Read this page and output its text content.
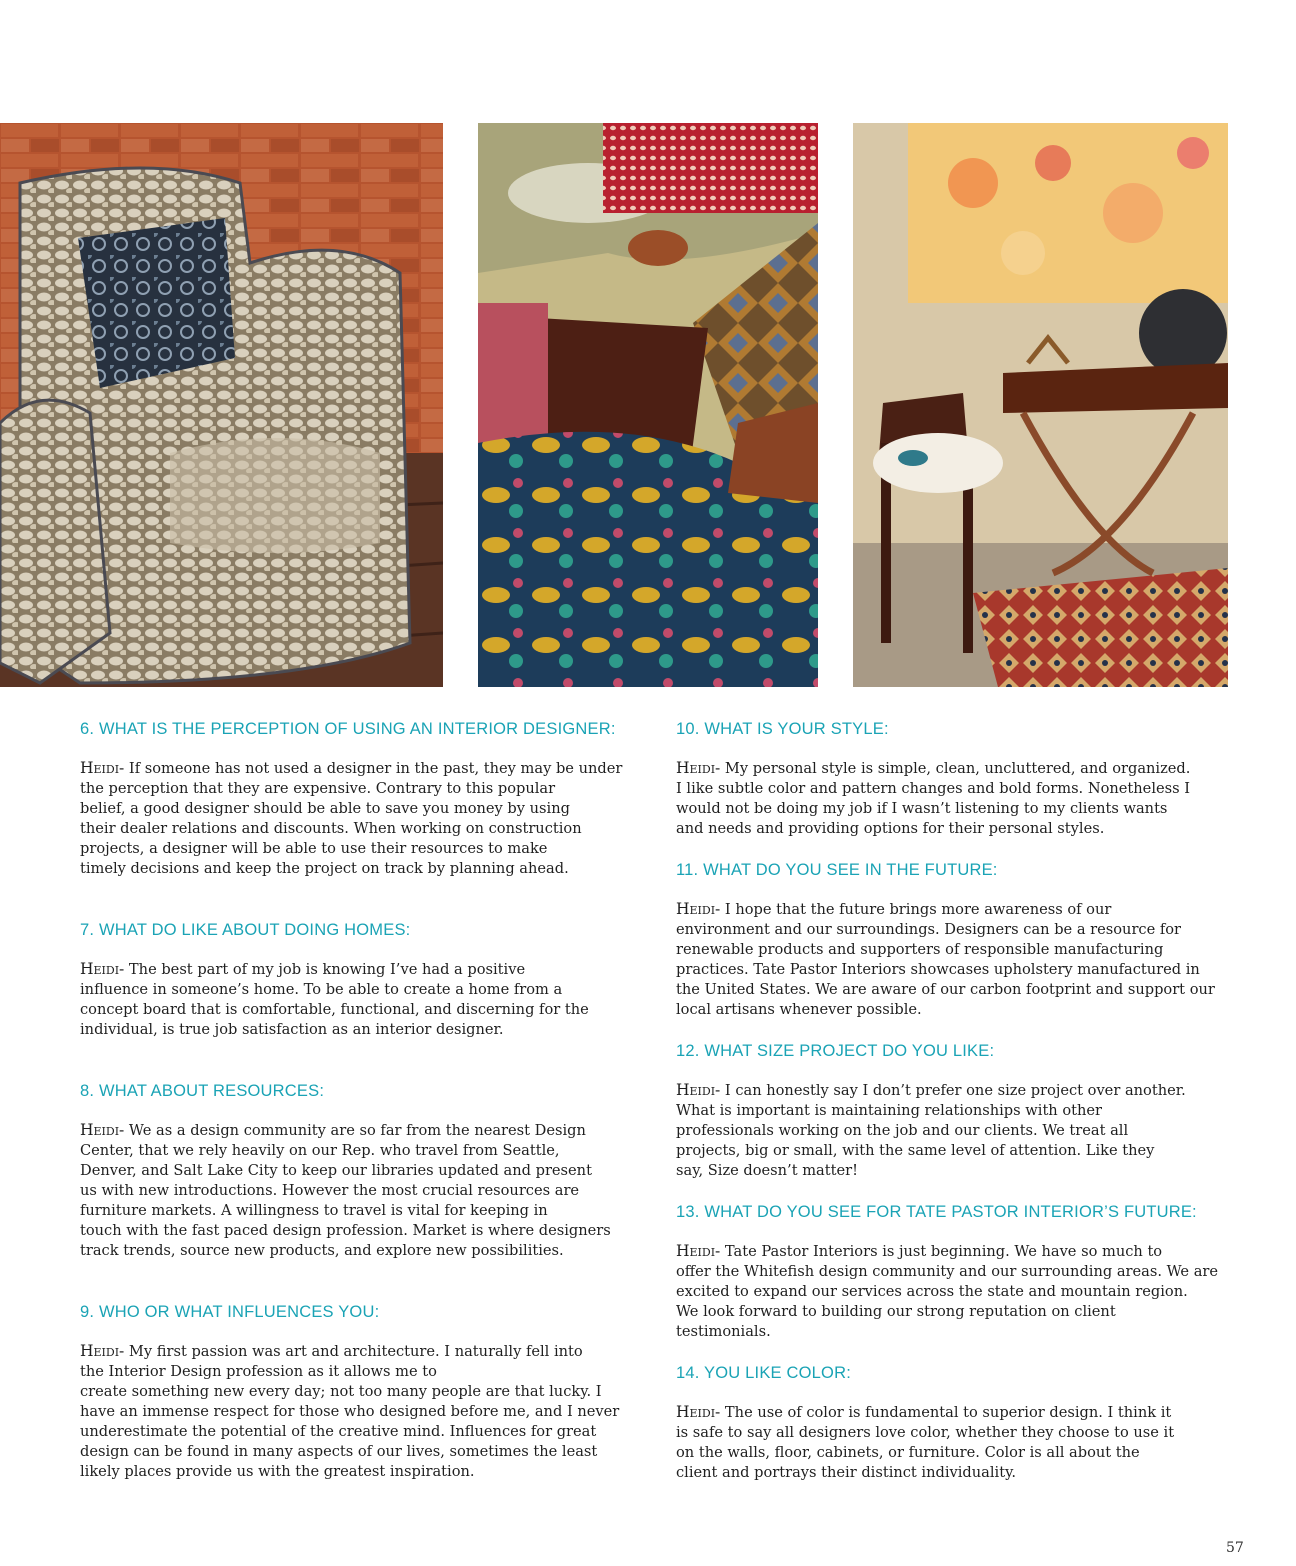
6. WHAT IS THE PERCEPTION OF USING AN INTERIOR DESIGNER:

Heidi- If someone has not used a designer in the past, they may be under
the perception that they are expensive. Contrary to this popular
belief, a good designer should be able to save you money by using
their dealer relations and discounts. When working on construction
projects, a designer will be able to use their resources to make
timely decisions and keep the project on track by planning ahead.

7. WHAT DO LIKE ABOUT DOING HOMES:

Heidi- The best part of my job is knowing I’ve had a positive
influence in someone’s home. To be able to create a home from a
concept board that is comfortable, functional, and discerning for the
individual, is true job satisfaction as an interior designer.

8. WHAT ABOUT RESOURCES:

Heidi- We as a design community are so far from the nearest Design
Center, that we rely heavily on our Rep. who travel from Seattle,
Denver, and Salt Lake City to keep our libraries updated and present
us with new introductions. However the most crucial resources are
furniture markets. A willingness to travel is vital for keeping in
touch with the fast paced design profession. Market is where designers
track trends, source new products, and explore new possibilities.

9. WHO OR WHAT INFLUENCES YOU:

Heidi- My first passion was art and architecture. I naturally fell into
the Interior Design profession as it allows me to
create something new every day; not too many people are that lucky. I
have an immense respect for those who designed before me, and I never
underestimate the potential of the creative mind. Influences for great
design can be found in many aspects of our lives, sometimes the least
likely places provide us with the greatest inspiration.

10. WHAT IS YOUR STYLE:

Heidi- My personal style is simple, clean, uncluttered, and organized.
I like subtle color and pattern changes and bold forms. Nonetheless I
would not be doing my job if I wasn’t listening to my clients wants
and needs and providing options for their personal styles.

11. WHAT DO YOU SEE IN THE FUTURE:

Heidi- I hope that the future brings more awareness of our
environment and our surroundings. Designers can be a resource for
renewable products and supporters of responsible manufacturing
practices. Tate Pastor Interiors showcases upholstery manufactured in
the United States. We are aware of our carbon footprint and support our
local artisans whenever possible.

12. WHAT SIZE PROJECT DO YOU LIKE:

Heidi- I can honestly say I don’t prefer one size project over another.
What is important is maintaining relationships with other
professionals working on the job and our clients. We treat all
projects, big or small, with the same level of attention. Like they
say, Size doesn’t matter!

13. WHAT DO YOU SEE FOR TATE PASTOR INTERIOR’S FUTURE:

Heidi- Tate Pastor Interiors is just beginning. We have so much to
offer the Whitefish design community and our surrounding areas. We are
excited to expand our services across the state and mountain region.
We look forward to building our strong reputation on client
testimonials.

14. YOU LIKE COLOR:

Heidi- The use of color is fundamental to superior design. I think it
is safe to say all designers love color, whether they choose to use it
on the walls, floor, cabinets, or furniture. Color is all about the
client and portrays their distinct individuality.

57
